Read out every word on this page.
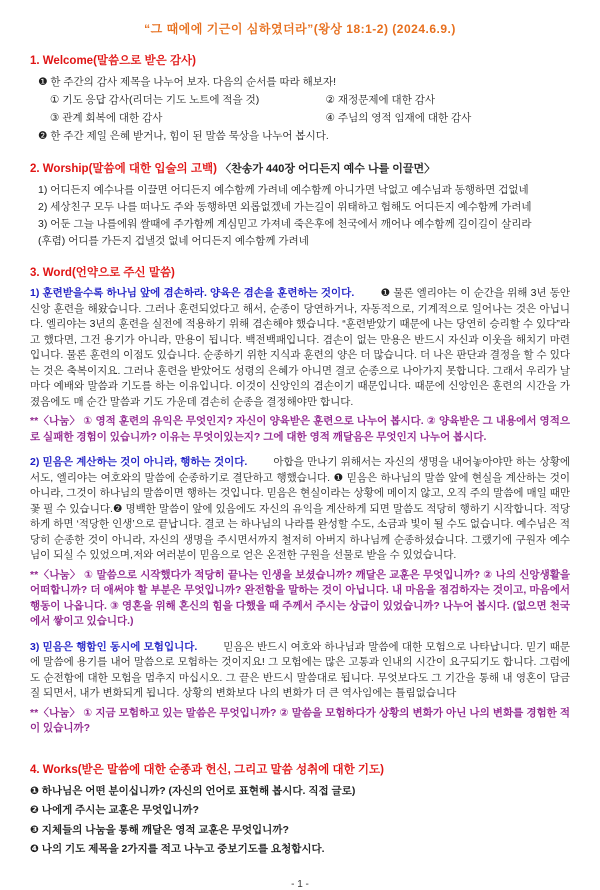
“그 때에에 기근이 심하였더라”(왕상 18:1-2) (2024.6.9.)
1. Welcome(말씀으로 받은 감사)

❶ 한 주간의 감사 제목을 나누어 보자. 다음의 순서를 따라 해보자!

① 기도 응답 감사(리더는 기도 노트에 적을 것)	② 재정문제에 대한 감사
③ 관계 회복에 대한 감사	④ 주님의 영적 임재에 대한 감사

❷ 한 주간 제일 은혜 받거나, 힘이 된 말씀 묵상을 나누어 봅시다.

2. Worship(말씀에 대한 입술의 고백) 〈찬송가 440장 어디든지 예수 나를 이끌면〉

1) 어디든지 예수나를 이끌면 어디든지 예수함께 가려네 예수함께 아니가면 낙없고 예수님과 동행하면 겁없네

2) 세상친구 모두 나를 떠나도 주와 동행하면 외롭없겠네 가는길이 위태하고 험해도 어디든지 예수함께 가려네

3) 어둔 그늘 나를에워 쌀때에 주가함께 계심믿고 가져네 죽은후에 천국에서 깨어나 예수함께 길이길이 살리라

(후렴) 어디를 가든지 겁낼것 없네 어디든지 예수함께 가려네

3. Word(언약으로 주신 말씀)

1) 훈련받을수록 하나님 앞에 겸손하라. 양육은 겸손을 훈련하는 것이다. ❶ 물론 엘리야는 이 순간을 위해 3년 동안 신앙 훈련을 해왔습니다. 그러나 훈련되었다고 해서, 순종이 당연하거나, 자동적으로, 기계적으로 일어나는 것은 아닙니다. 엘리야는 3년의 훈련을 실전에 적용하기 위해 겸손해야 했습니다. “훈련받았기 때문에 나는 당연히 승리할 수 있다”라고 했다면, 그건 용기가 아니라, 만용이 됩니다. 백전백패입니다. 겸손이 없는 만용은 반드시 자신과 이웃을 해치기 마련입니다. 물론 훈련의 이점도 있습니다. 순종하기 위한 지식과 훈련의 양은 더 많습니다. 더 나은 판단과 결정을 할 수 있다는 것은 축복이지요. 그러나 훈련을 받았어도 성령의 은혜가 아니면 결코 순종으로 나아가지 못합니다. 그래서 우리가 날마다 예배와 말씀과 기도를 하는 이유입니다. 이것이 신앙인의 겸손이기 때문입니다. 때문에 신앙인은 훈련의 시간을 가졌음에도 매 순간 말씀과 기도 가운데 겸손히 순종을 결정해야만 합니다.

**〈나눔〉 ① 영적 훈련의 유익은 무엇인지? 자신이 양육받은 훈련으로 나누어 봅시다. ② 양육받은 그 내용에서 영적으로 실패한 경험이 있습니까? 이유는 무엇이있는지? 그에 대한 영적 깨달음은 무엇인지 나누어 봅시다.

2) 믿음은 계산하는 것이 아니라, 행하는 것이다. 아합을 만나기 위해서는 자신의 생명을 내어놓아야만 하는 상황에서도, 엘리야는 여호와의 말씀에 순종하기로 결단하고 행했습니다. ❶ 믿음은 하나님의 말씀 앞에 현실을 계산하는 것이 아니라, 그것이 하나님의 말씀이면 행하는 것입니다. 믿음은 현실이라는 상황에 메이지 않고, 오직 주의 말씀에 매일 때만 꽃 필 수 있습니다.❷ 명백한 말씀이 앞에 있음에도 자신의 유익을 계산하게 되면 말씀도 적당히 행하기 시작합니다. 적당하게 하면 ‘적당한 인생’으로 끝납니다. 결코 는 하나님의 나라를 완성할 수도, 소금과 빛이 될 수도 없습니다. 예수님은 적당히 순종한 것이 아니라, 자신의 생명을 주시면서까지 철저히 아버지 하나님께 순종하셨습니다. 그랬기에 구원자 예수님이 되실 수 있었으며,저와 여러분이 믿음으로 얻은 온전한 구원을 선물로 받을 수 있었습니다.

**〈나눔〉 ① 말씀으로 시작했다가 적당히 끝나는 인생을 보셨습니까? 깨달은 교훈은 무엇입니까? ② 나의 신앙생활을 어떠합니까? 더 애써야 할 부분은 무엇입니까? 완전함을 말하는 것이 아닙니다. 내 마음을 점검하자는 것이고, 마음에서 행동이 나옵니다. ③ 영혼을 위해 혼신의 힘을 다했을 때 주께서 주시는 상급이 있었습니까? 나누어 봅시다. (없으면 천국에서 쌓이고 있습니다.)

3) 믿음은 행함인 동시에 모험입니다. 믿음은 반드시 여호와 하나님과 말씀에 대한 모험으로 나타납니다. 믿기 때문에 말씀에 용기를 내어 말씀으로 모험하는 것이지요! 그 모험에는 많은 고통과 인내의 시간이 요구되기도 합니다. 그럼에도 순전함에 대한 모험을 멈추지 마십시오. 그 끝은 반드시 말씀대로 됩니다. 무엇보다도 그 기간을 통해 내 영혼이 담금질 되면서, 내가 변화되게 됩니다. 상황의 변화보다 나의 변화가 더 큰 역사임에는 틀림없습니다

**〈나눔〉 ① 지금 모험하고 있는 말씀은 무엇입니까? ② 말씀을 모험하다가 상황의 변화가 아닌 나의 변화를 경험한 적이 있습니까?

4. Works(받은 말씀에 대한 순종과 헌신, 그리고 말씀 성취에 대한 기도)

❶ 하나님은 어떤 분이십니까? (자신의 언어로 표현해 봅시다. 직접 글로)

❷ 나에게 주시는 교훈은 무엇입니까?

❸ 지체들의 나눔을 통해 깨달은 영적 교훈은 무엇입니까?

❹ 나의 기도 제목을 2가지를 적고 나누고 중보기도를 요청합시다.

- 1 -
